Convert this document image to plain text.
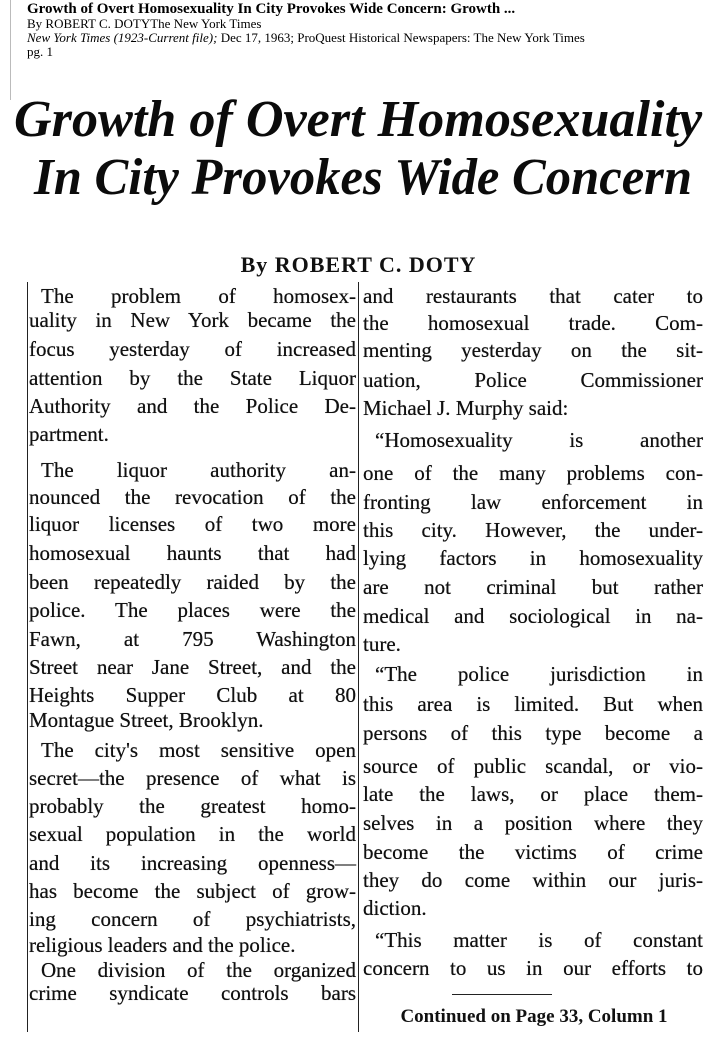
Growth of Overt Homosexuality In City Provokes Wide Concern: Growth ...
By ROBERT C. DOTYThe New York Times
New York Times (1923-Current file); Dec 17, 1963; ProQuest Historical Newspapers: The New York Times
pg. 1
Growth of Overt Homosexuality
In City Provokes Wide Concern
By ROBERT C. DOTY
The problem of homosex-
uality in New York became the
focus yesterday of increased
attention by the State Liquor
Authority and the Police De-
partment.
The liquor authority an-
nounced the revocation of the
liquor licenses of two more
homosexual haunts that had
been repeatedly raided by the
police. The places were the
Fawn, at 795 Washington
Street near Jane Street, and the
Heights Supper Club at 80
Montague Street, Brooklyn.
The city's most sensitive open
secret—the presence of what is
probably the greatest homo-
sexual population in the world
and its increasing openness—
has become the subject of grow-
ing concern of psychiatrists,
religious leaders and the police.
One division of the organized
crime syndicate controls bars
and restaurants that cater to
the homosexual trade. Com-
menting yesterday on the sit-
uation, Police Commissioner
Michael J. Murphy said:
“Homosexuality is another
one of the many problems con-
fronting law enforcement in
this city. However, the under-
lying factors in homosexuality
are not criminal but rather
medical and sociological in na-
ture.
“The police jurisdiction in
this area is limited. But when
persons of this type become a
source of public scandal, or vio-
late the laws, or place them-
selves in a position where they
become the victims of crime
they do come within our juris-
diction.
“This matter is of constant
concern to us in our efforts to
Continued on Page 33, Column 1
